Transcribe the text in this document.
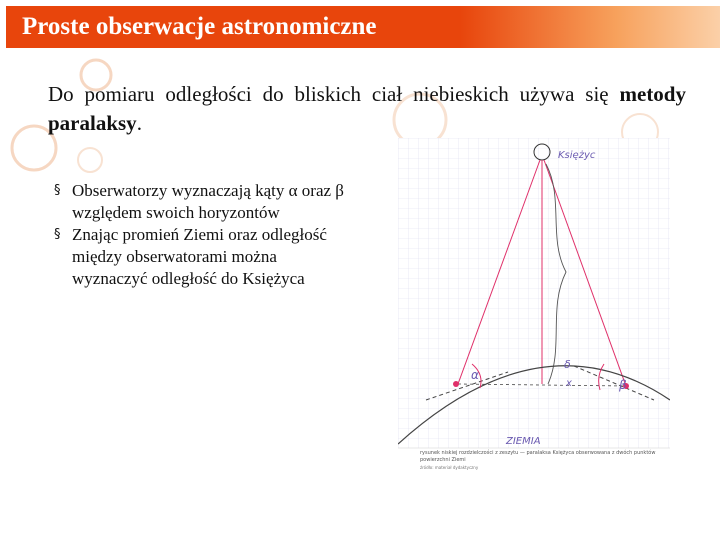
Proste obserwacje astronomiczne
Do pomiaru odległości do bliskich ciał niebieskich używa się metody paralaksy.
§ Obserwatorzy wyznaczają kąty α oraz β względem swoich horyzontów
§ Znając promień Ziemi oraz odległość między obserwatorami można wyznaczyć odległość do Księżyca
Księżyc
α
β
δ
x
ZIEMIA
rysunek niskiej rozdzielczości z zeszytu — paralaksa Księżyca obserwowana z dwóch punktów powierzchni Ziemi
źródło: materiał dydaktyczny
